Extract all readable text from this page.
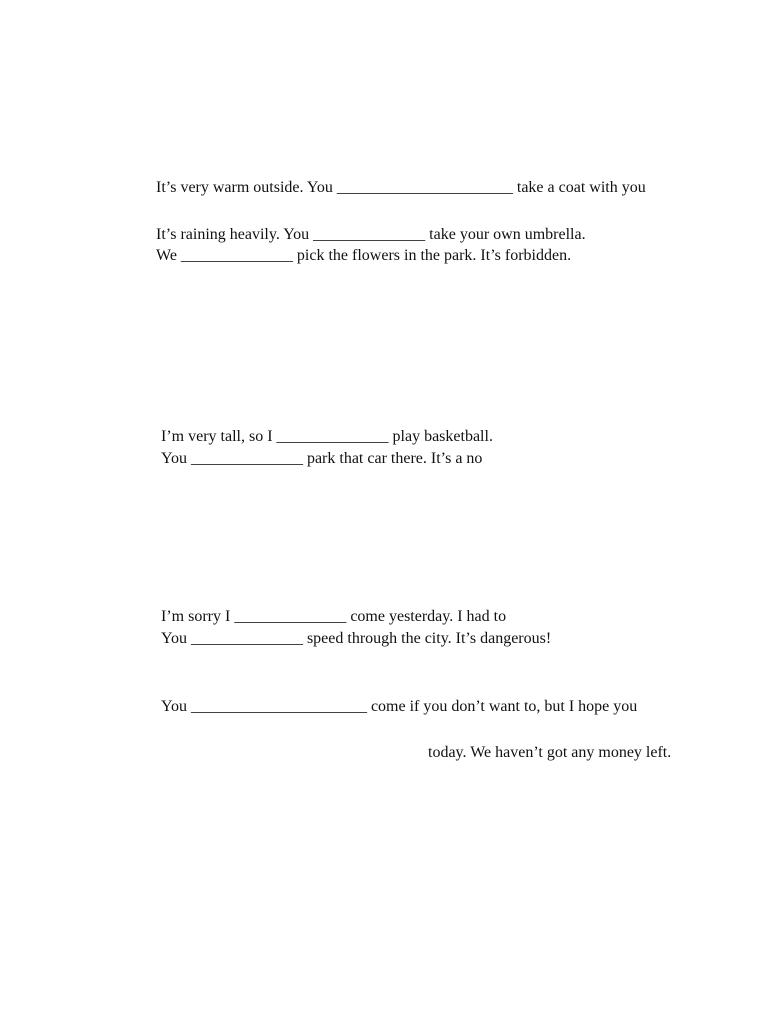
It’s very warm outside. You ______________________ take a coat with you
It’s raining heavily. You ______________ take your own umbrella.
We ______________ pick the flowers in the park. It’s forbidden.
I’m very tall, so I ______________ play basketball.
You ______________ park that car there. It’s a no
I’m sorry I ______________ come yesterday. I had to
You ______________ speed through the city. It’s dangerous!
You ______________________ come if you don’t want to, but I hope you
today. We haven’t got any money left.
